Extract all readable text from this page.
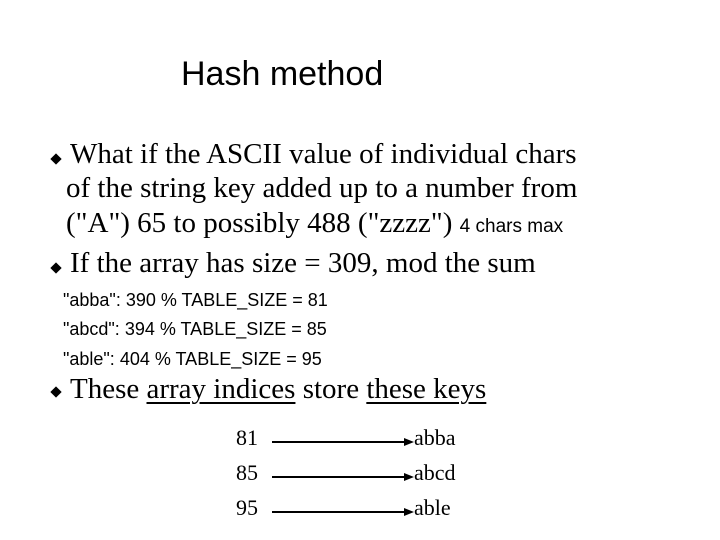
Hash method
What if the ASCII value of individual chars
of the string key added up to a number from
("A") 65 to possibly 488 ("zzzz") 4 chars max
If the array has size = 309, mod the sum
"abba": 390 % TABLE_SIZE = 81
"abcd": 394 % TABLE_SIZE = 85
"able": 404 % TABLE_SIZE = 95
These array indices store these keys
81
85
95
abba
abcd
able
